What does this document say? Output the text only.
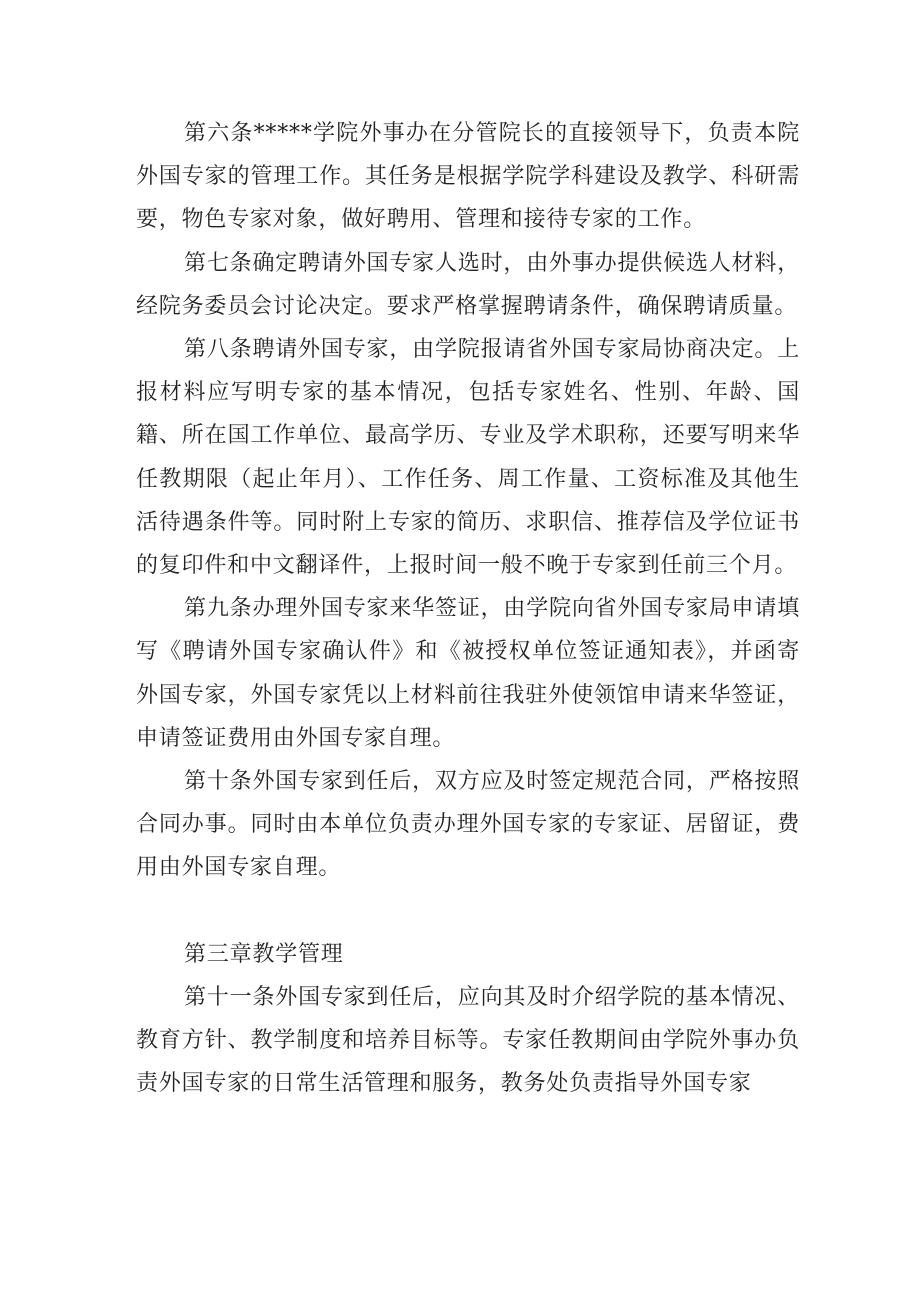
第六条*****学院外事办在分管院长的直接领导下，负责本院外国专家的管理工作。其任务是根据学院学科建设及教学、科研需要，物色专家对象，做好聘用、管理和接待专家的工作。

第七条确定聘请外国专家人选时，由外事办提供候选人材料，经院务委员会讨论决定。要求严格掌握聘请条件，确保聘请质量。

第八条聘请外国专家，由学院报请省外国专家局协商决定。上报材料应写明专家的基本情况，包括专家姓名、性别、年龄、国籍、所在国工作单位、最高学历、专业及学术职称，还要写明来华任教期限（起止年月）、工作任务、周工作量、工资标准及其他生活待遇条件等。同时附上专家的简历、求职信、推荐信及学位证书的复印件和中文翻译件，上报时间一般不晚于专家到任前三个月。

第九条办理外国专家来华签证，由学院向省外国专家局申请填写《聘请外国专家确认件》和《被授权单位签证通知表》，并函寄外国专家，外国专家凭以上材料前往我驻外使领馆申请来华签证，申请签证费用由外国专家自理。

第十条外国专家到任后，双方应及时签定规范合同，严格按照合同办事。同时由本单位负责办理外国专家的专家证、居留证，费用由外国专家自理。

第三章教学管理

第十一条外国专家到任后，应向其及时介绍学院的基本情况、教育方针、教学制度和培养目标等。专家任教期间由学院外事办负责外国专家的日常生活管理和服务，教务处负责指导外国专家
